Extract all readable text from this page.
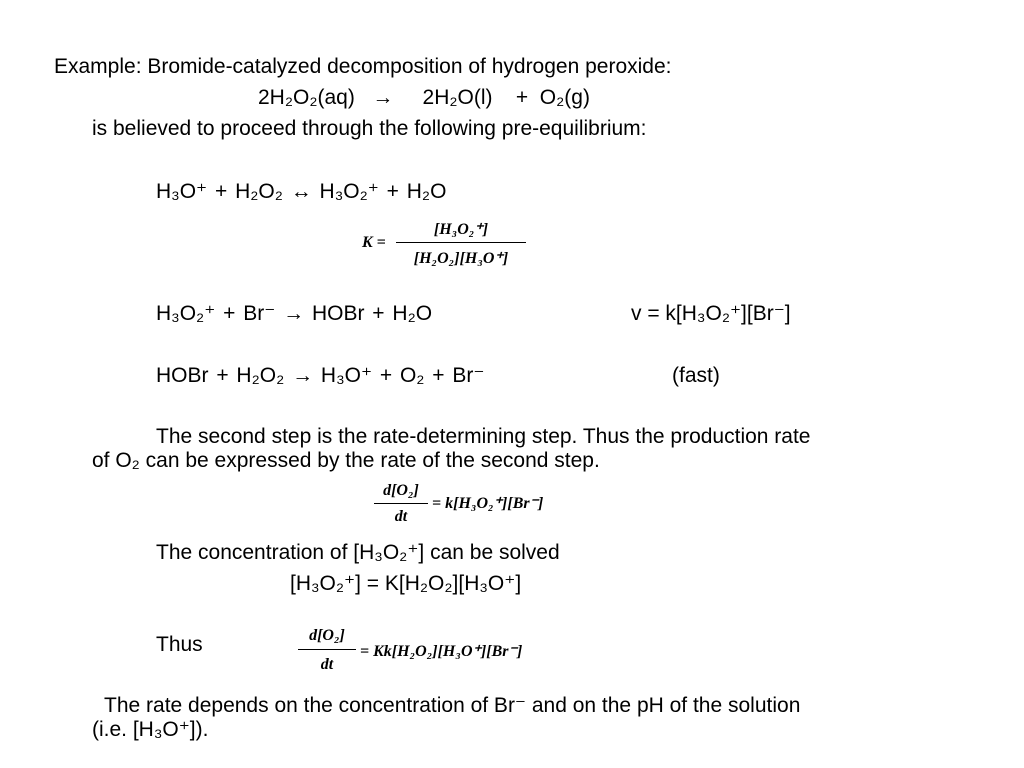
Example: Bromide-catalyzed decomposition of hydrogen peroxide:
2H₂O₂(aq) → 2H₂O(l) + O₂(g)
is believed to proceed through the following pre-equilibrium:
H₃O⁺ + H₂O₂ ↔ H₃O₂⁺ + H₂O
K =
[H₃O₂⁺]
[H₂O₂][H₃O⁺]
H₃O₂⁺ + Br⁻ → HOBr + H₂O	v = k[H₃O₂⁺][Br⁻]
HOBr + H₂O₂ → H₃O⁺ + O₂ + Br⁻	(fast)
The second step is the rate-determining step. Thus the production rate
of O₂ can be expressed by the rate of the second step.
d[O₂]
dt
= k[H₃O₂⁺][Br⁻]
The concentration of [H₃O₂⁺] can be solved
[H₃O₂⁺] = K[H₂O₂][H₃O⁺]
Thus	d[O₂]
dt
= Kk[H₂O₂][H₃O⁺][Br⁻]
The rate depends on the concentration of Br⁻ and on the pH of the solution
(i.e. [H₃O⁺]).
